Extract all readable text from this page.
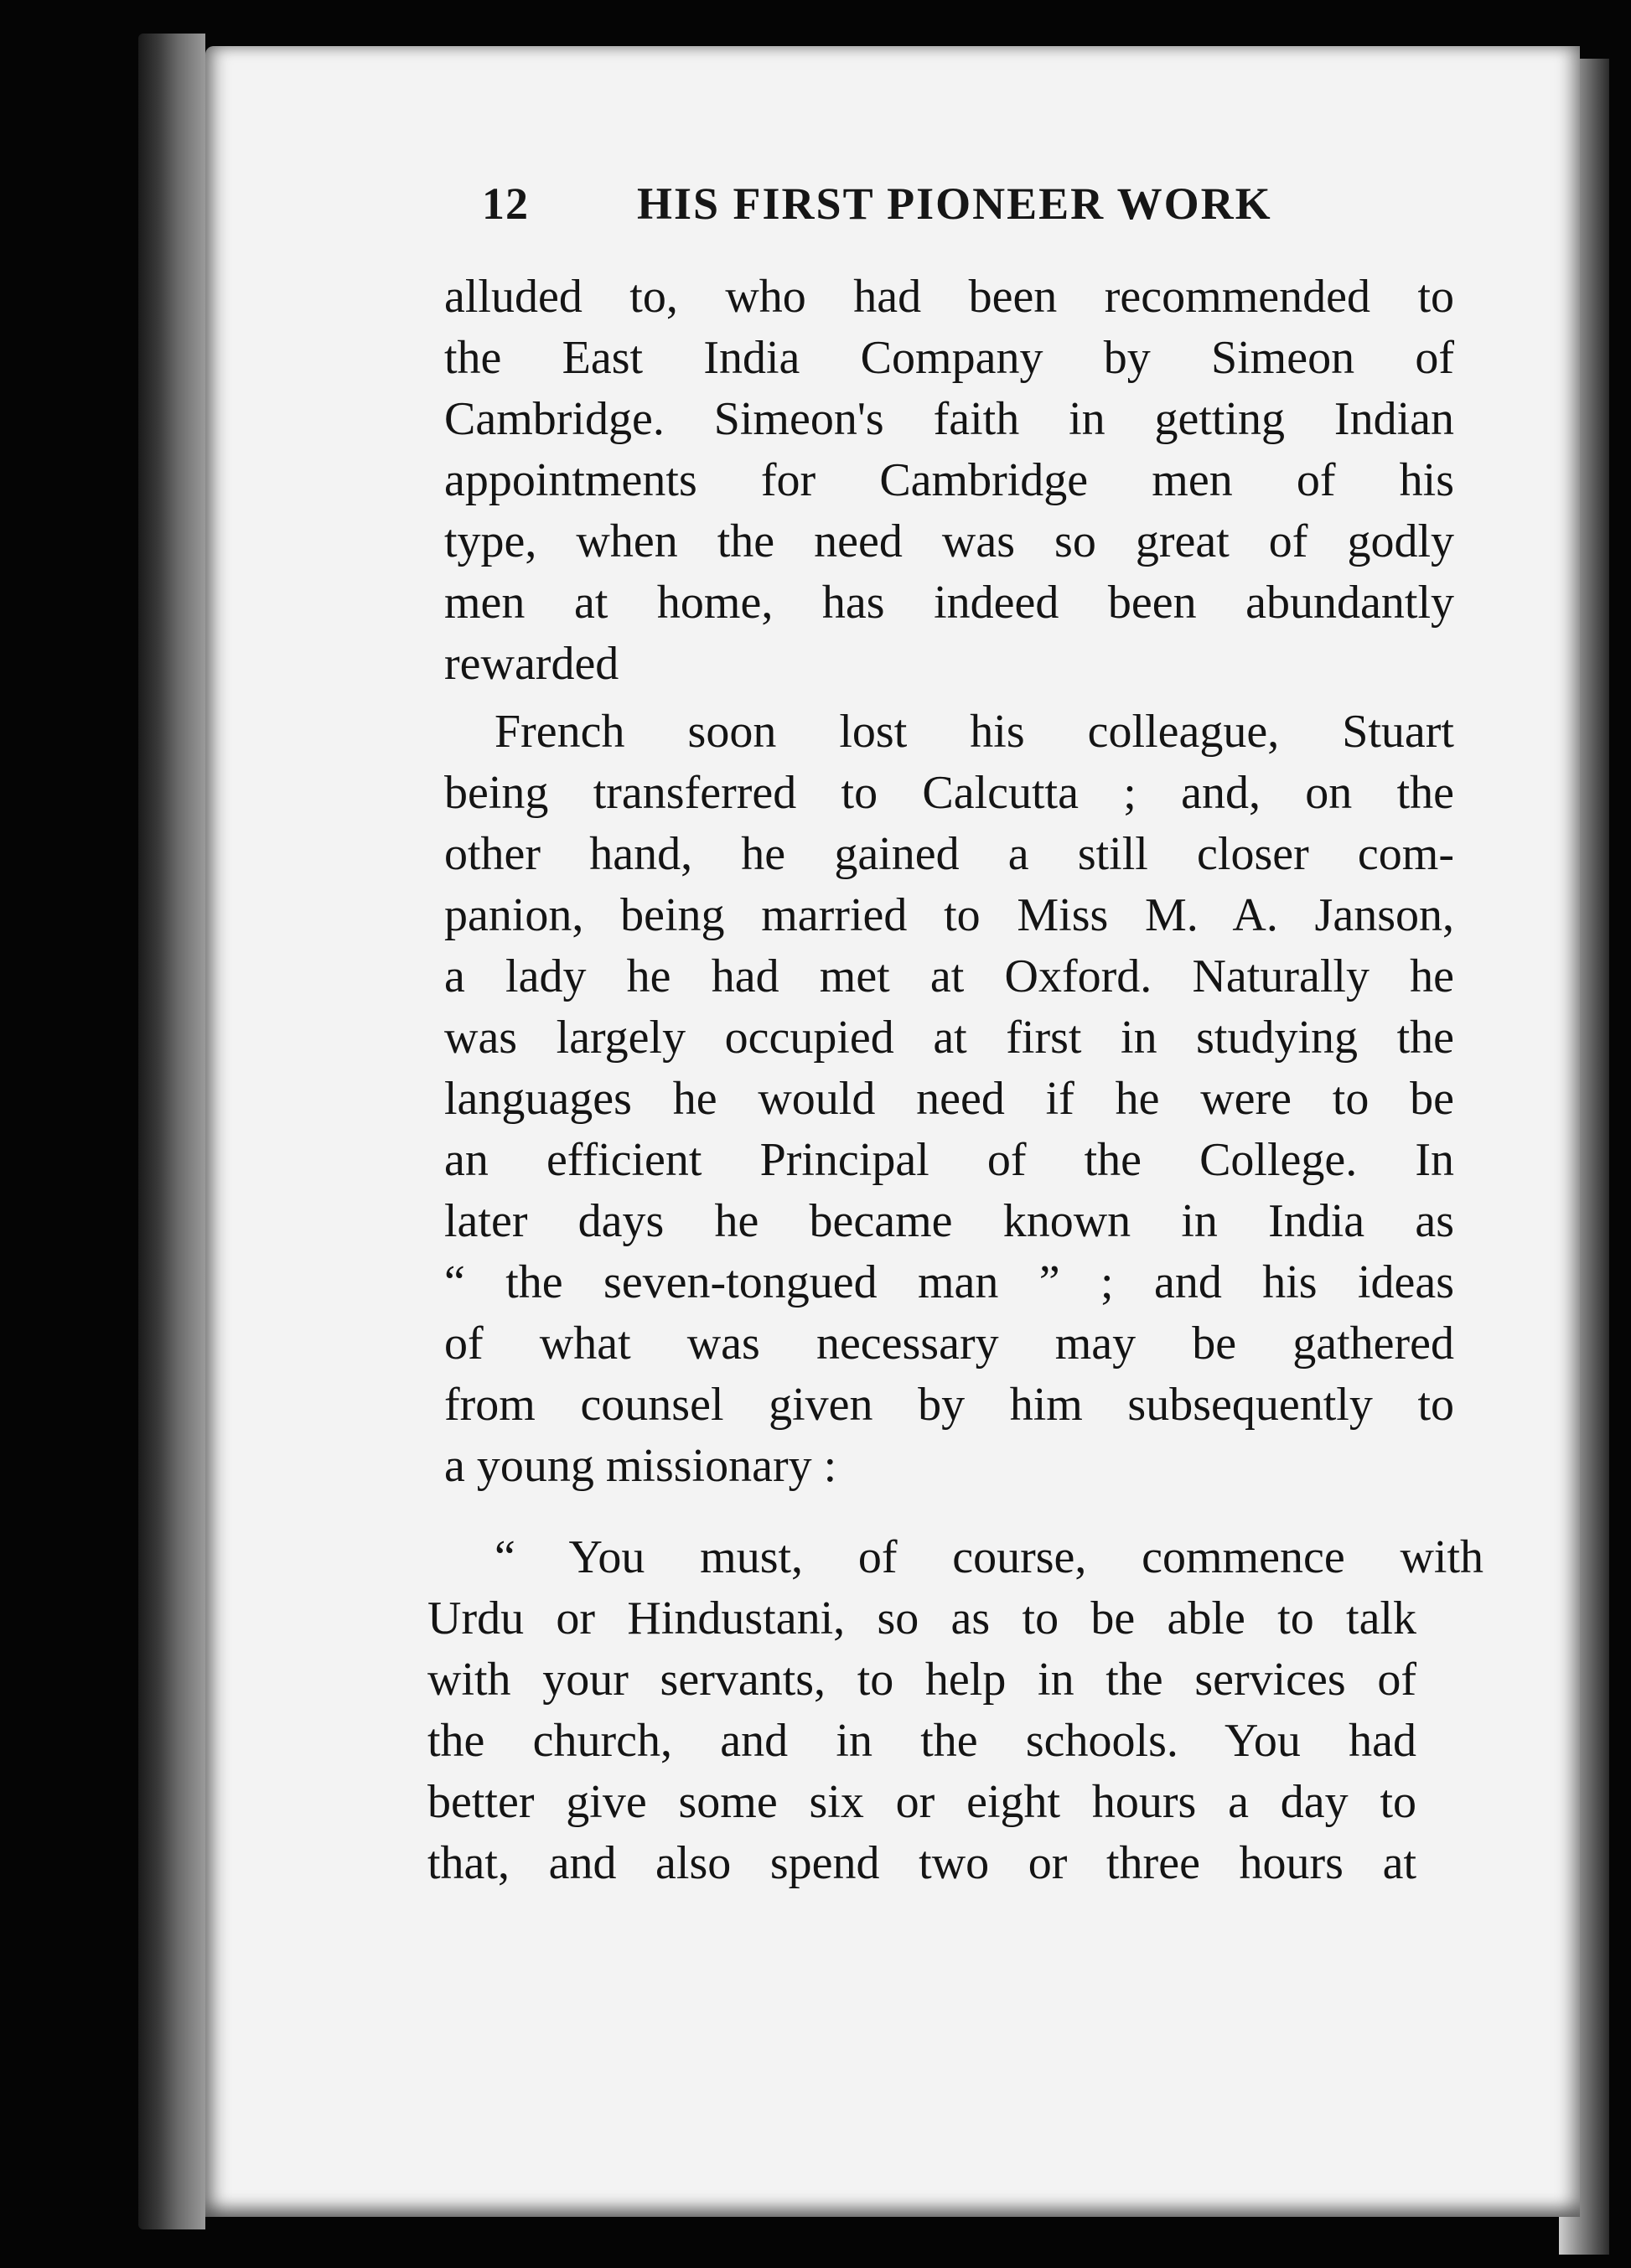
12 HIS FIRST PIONEER WORK
alluded to, who had been recommended to
the East India Company by Simeon of
Cambridge. Simeon's faith in getting Indian
appointments for Cambridge men of his
type, when the need was so great of godly
men at home, has indeed been abundantly
rewarded
French soon lost his colleague, Stuart
being transferred to Calcutta ; and, on the
other hand, he gained a still closer com-
panion, being married to Miss M. A. Janson,
a lady he had met at Oxford. Naturally he
was largely occupied at first in studying the
languages he would need if he were to be
an efficient Principal of the College. In
later days he became known in India as
“ the seven-tongued man ” ; and his ideas
of what was necessary may be gathered
from counsel given by him subsequently to
a young missionary :
“ You must, of course, commence with
Urdu or Hindustani, so as to be able to talk
with your servants, to help in the services of
the church, and in the schools. You had
better give some six or eight hours a day to
that, and also spend two or three hours at
